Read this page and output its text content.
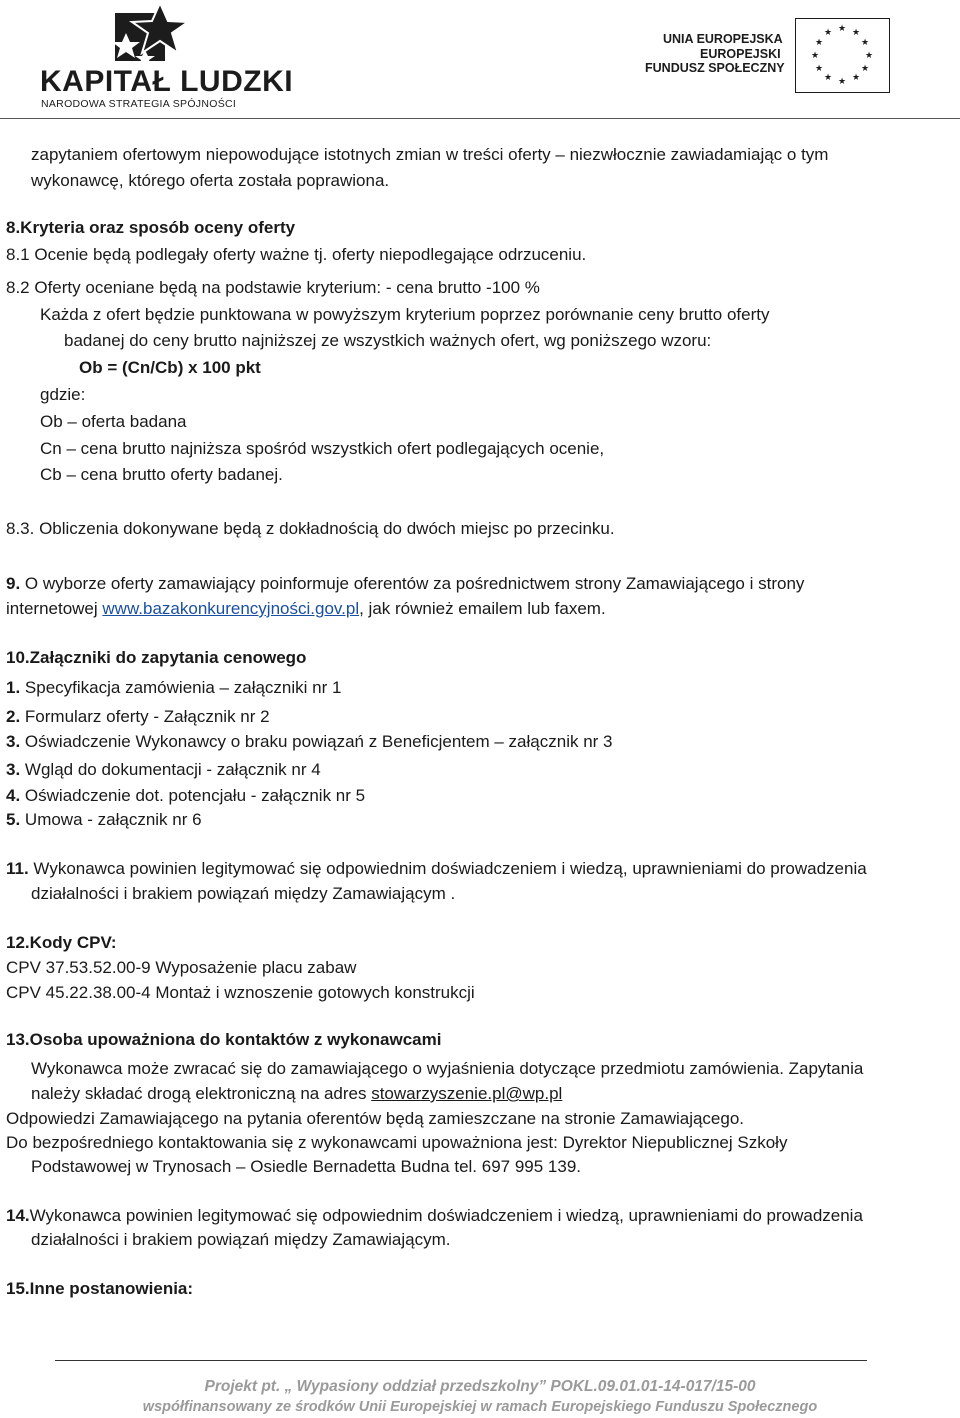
KAPITAŁ LUDZKI
NARODOWA STRATEGIA SPÓJNOŚCI
UNIA EUROPEJSKA
EUROPEJSKI
FUNDUSZ SPOŁECZNY
★ ★
★
★
★
★
★
★
★
★
★
★
zapytaniem ofertowym niepowodujące istotnych zmian w treści oferty – niezwłocznie zawiadamiając o tym
wykonawcę, którego oferta została poprawiona.
8.Kryteria oraz sposób oceny oferty
8.1 Ocenie będą podlegały oferty ważne tj. oferty niepodlegające odrzuceniu.
8.2 Oferty oceniane będą na podstawie kryterium: - cena brutto -100 %
Każda z ofert będzie punktowana w powyższym kryterium poprzez porównanie ceny brutto oferty
badanej do ceny brutto najniższej ze wszystkich ważnych ofert, wg poniższego wzoru:
Ob = (Cn/Cb) x 100 pkt
gdzie:
Ob – oferta badana
Cn – cena brutto najniższa spośród wszystkich ofert podlegających ocenie,
Cb – cena brutto oferty badanej.
8.3. Obliczenia dokonywane będą z dokładnością do dwóch miejsc po przecinku.
9. O wyborze oferty zamawiający poinformuje oferentów za pośrednictwem strony Zamawiającego i strony
internetowej www.bazakonkurencyjności.gov.pl, jak również emailem lub faxem.
10.Załączniki do zapytania cenowego
1. Specyfikacja zamówienia – załączniki nr 1
2. Formularz oferty - Załącznik nr 2
3. Oświadczenie Wykonawcy o braku powiązań z Beneficjentem – załącznik nr 3
3. Wgląd do dokumentacji - załącznik nr 4
4. Oświadczenie dot. potencjału - załącznik nr 5
5. Umowa - załącznik nr 6
11. Wykonawca powinien legitymować się odpowiednim doświadczeniem i wiedzą, uprawnieniami do prowadzenia
działalności i brakiem powiązań między Zamawiającym .
12.Kody CPV:
CPV 37.53.52.00-9 Wyposażenie placu zabaw
CPV 45.22.38.00-4 Montaż i wznoszenie gotowych konstrukcji
13.Osoba upoważniona do kontaktów z wykonawcami
Wykonawca może zwracać się do zamawiającego o wyjaśnienia dotyczące przedmiotu zamówienia. Zapytania
należy składać drogą elektroniczną na adres stowarzyszenie.pl@wp.pl
Odpowiedzi Zamawiającego na pytania oferentów będą zamieszczane na stronie Zamawiającego.
Do bezpośredniego kontaktowania się z wykonawcami upoważniona jest: Dyrektor Niepublicznej Szkoły
Podstawowej w Trynosach – Osiedle Bernadetta Budna tel. 697 995 139.
14.Wykonawca powinien legitymować się odpowiednim doświadczeniem i wiedzą, uprawnieniami do prowadzenia
działalności i brakiem powiązań między Zamawiającym.
15.Inne postanowienia:
Projekt pt. „ Wypasiony oddział przedszkolny” POKL.09.01.01-14-017/15-00
współfinansowany ze środków Unii Europejskiej w ramach Europejskiego Funduszu Społecznego
